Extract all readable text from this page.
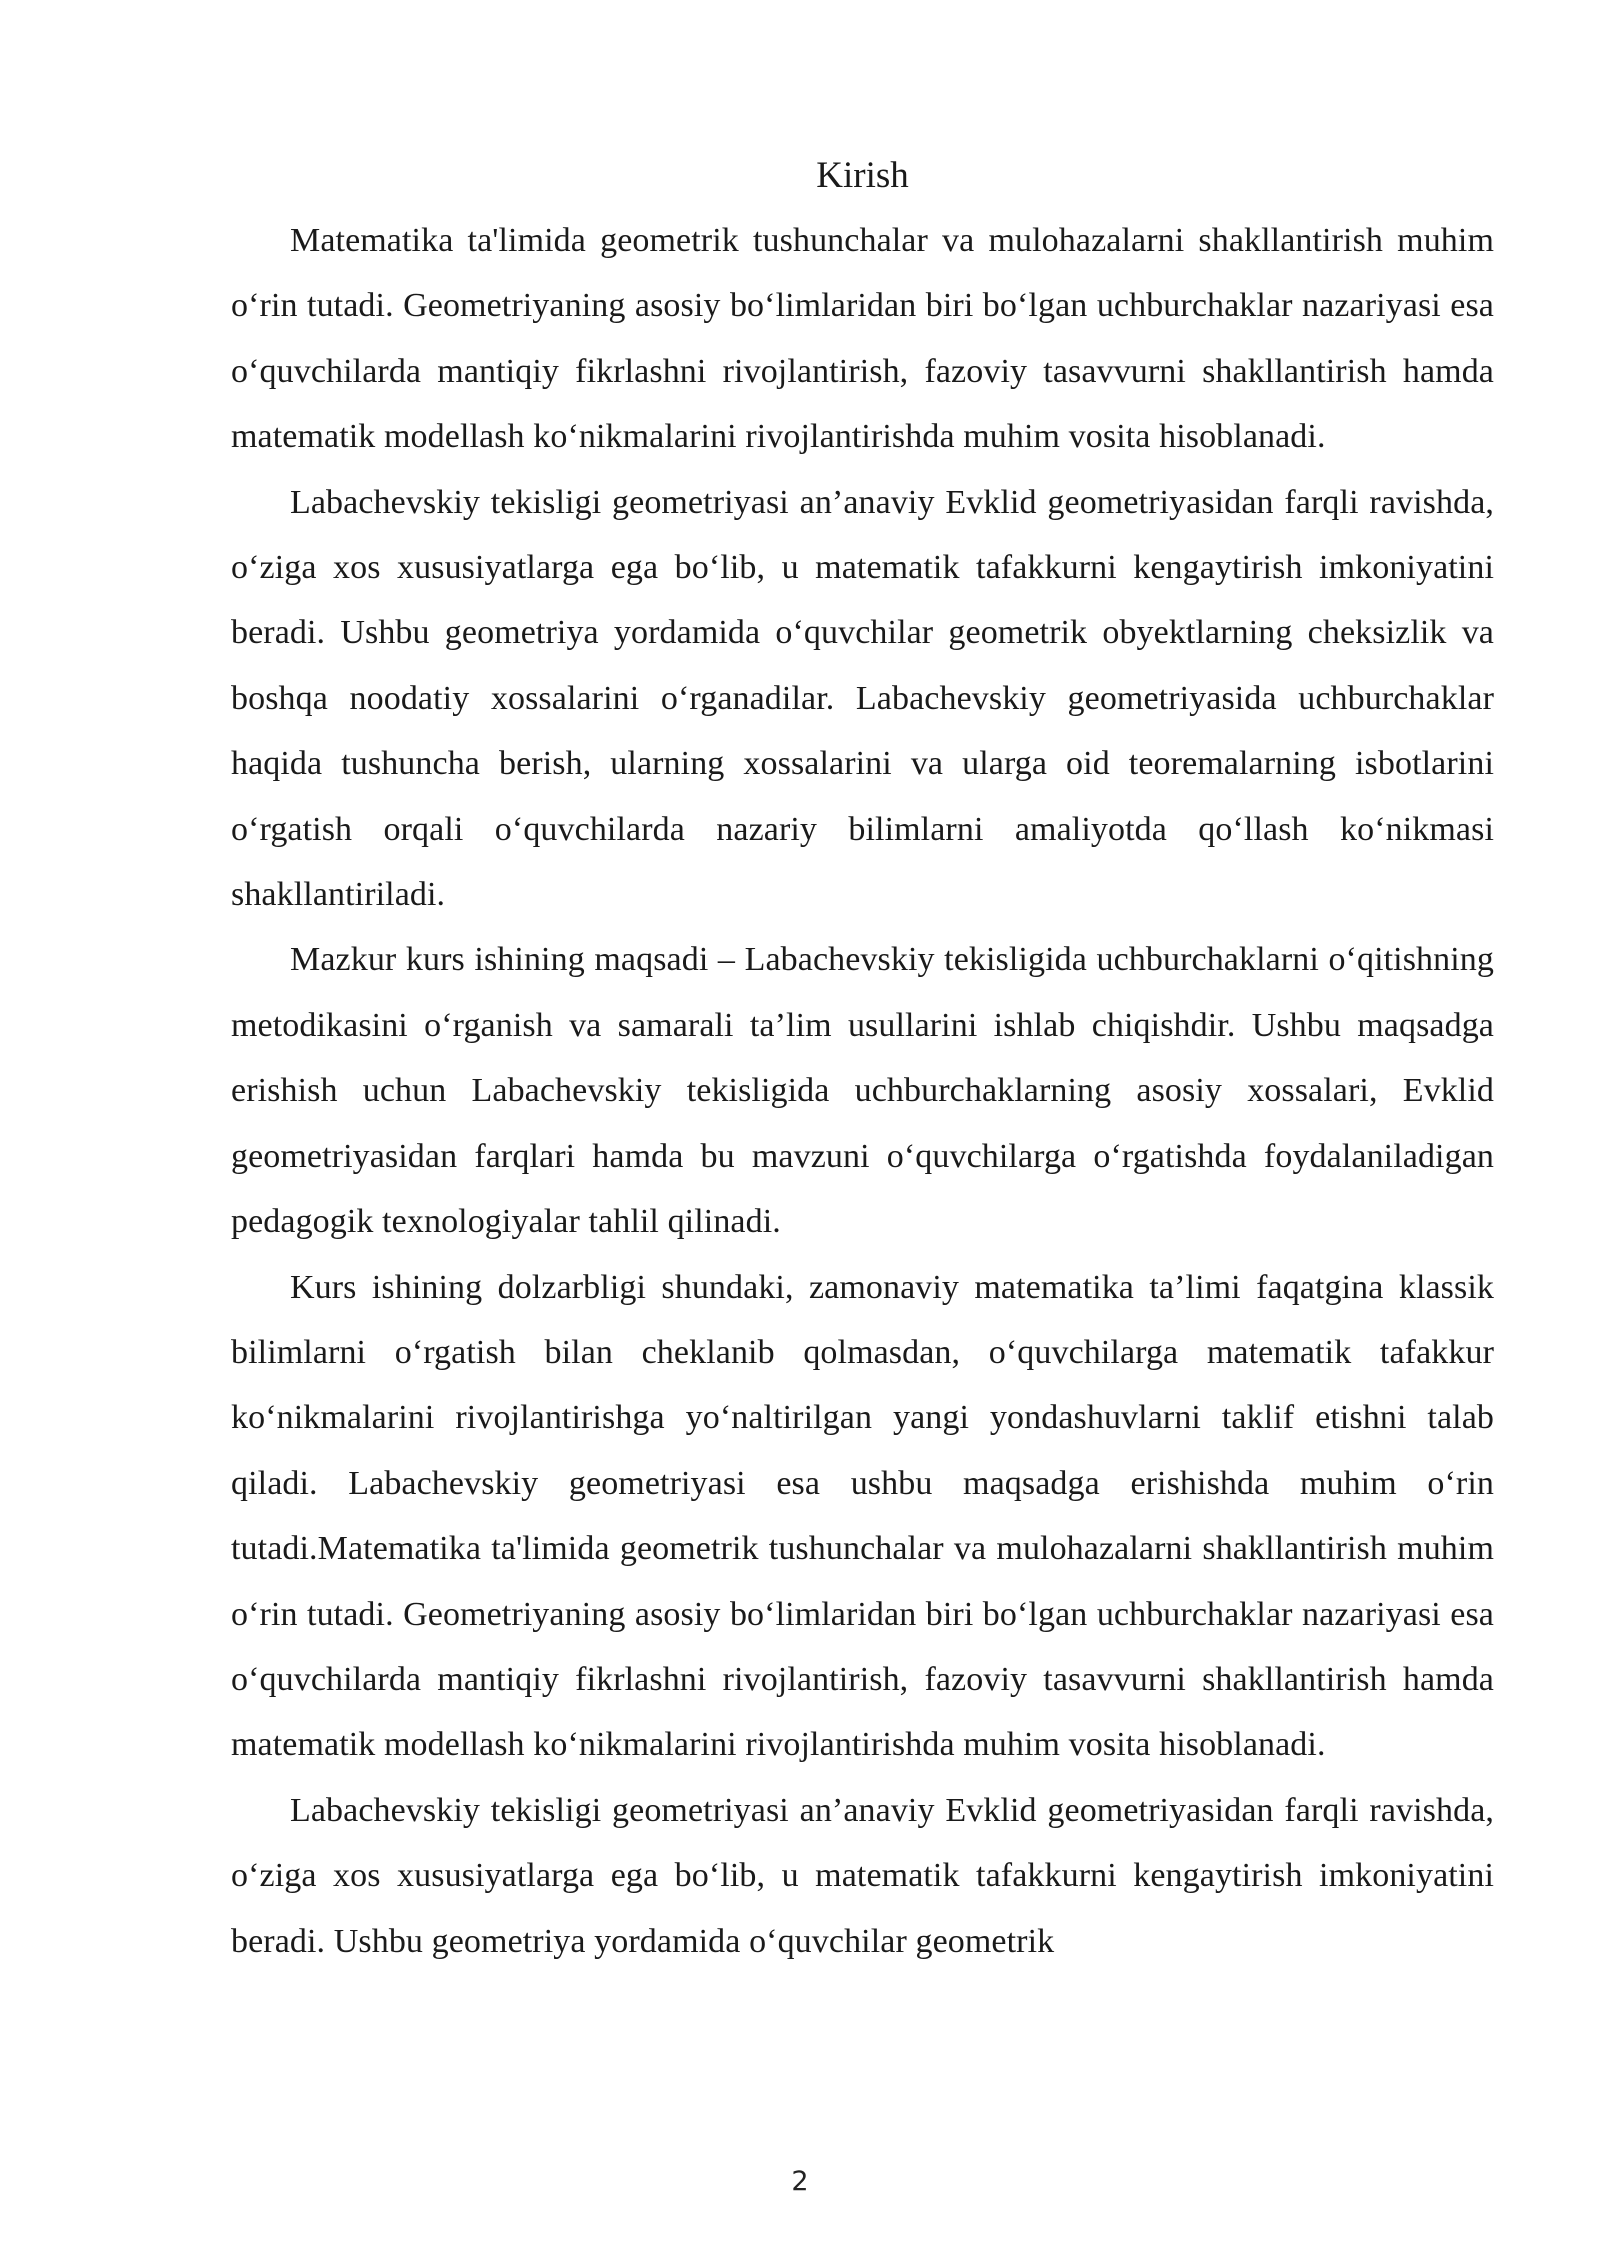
Kirish

Matematika ta'limida geometrik tushunchalar va mulohazalarni shakllantirish muhim oʻrin tutadi. Geometriyaning asosiy boʻlimlaridan biri boʻlgan uchburchaklar nazariyasi esa oʻquvchilarda mantiqiy fikrlashni rivojlantirish, fazoviy tasavvurni shakllantirish hamda matematik modellash koʻnikmalarini rivojlantirishda muhim vosita hisoblanadi.

Labachevskiy tekisligi geometriyasi an’anaviy Evklid geometriyasidan farqli ravishda, oʻziga xos xususiyatlarga ega boʻlib, u matematik tafakkurni kengaytirish imkoniyatini beradi. Ushbu geometriya yordamida oʻquvchilar geometrik obyektlarning cheksizlik va boshqa noodatiy xossalarini oʻrganadilar. Labachevskiy geometriyasida uchburchaklar haqida tushuncha berish, ularning xossalarini va ularga oid teoremalarning isbotlarini oʻrgatish orqali oʻquvchilarda nazariy bilimlarni amaliyotda qoʻllash koʻnikmasi shakllantiriladi.

Mazkur kurs ishining maqsadi – Labachevskiy tekisligida uchburchaklarni oʻqitishning metodikasini oʻrganish va samarali ta’lim usullarini ishlab chiqishdir. Ushbu maqsadga erishish uchun Labachevskiy tekisligida uchburchaklarning asosiy xossalari, Evklid geometriyasidan farqlari hamda bu mavzuni oʻquvchilarga oʻrgatishda foydalaniladigan pedagogik texnologiyalar tahlil qilinadi.

Kurs ishining dolzarbligi shundaki, zamonaviy matematika ta’limi faqatgina klassik bilimlarni oʻrgatish bilan cheklanib qolmasdan, oʻquvchilarga matematik tafakkur koʻnikmalarini rivojlantirishga yoʻnaltirilgan yangi yondashuvlarni taklif etishni talab qiladi. Labachevskiy geometriyasi esa ushbu maqsadga erishishda muhim oʻrin tutadi.Matematika ta'limida geometrik tushunchalar va mulohazalarni shakllantirish muhim oʻrin tutadi. Geometriyaning asosiy boʻlimlaridan biri boʻlgan uchburchaklar nazariyasi esa oʻquvchilarda mantiqiy fikrlashni rivojlantirish, fazoviy tasavvurni shakllantirish hamda matematik modellash koʻnikmalarini rivojlantirishda muhim vosita hisoblanadi.

Labachevskiy tekisligi geometriyasi an’anaviy Evklid geometriyasidan farqli ravishda, oʻziga xos xususiyatlarga ega boʻlib, u matematik tafakkurni kengaytirish imkoniyatini beradi. Ushbu geometriya yordamida oʻquvchilar geometrik

2
